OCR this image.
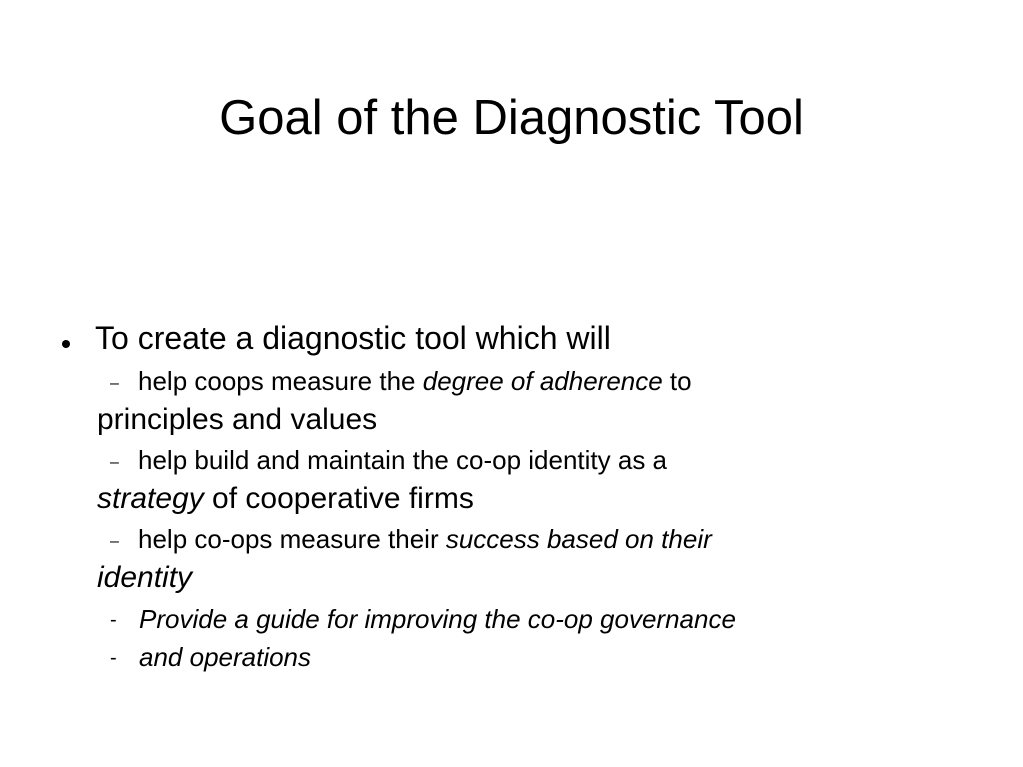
Goal of the Diagnostic Tool
To create a diagnostic tool which will
– help coops measure the degree of adherence to
principles and values
– help build and maintain the co-op identity as a
strategy of cooperative firms
– help co-ops measure their success based on their
identity
- Provide a guide for improving the co-op governance
- and operations
